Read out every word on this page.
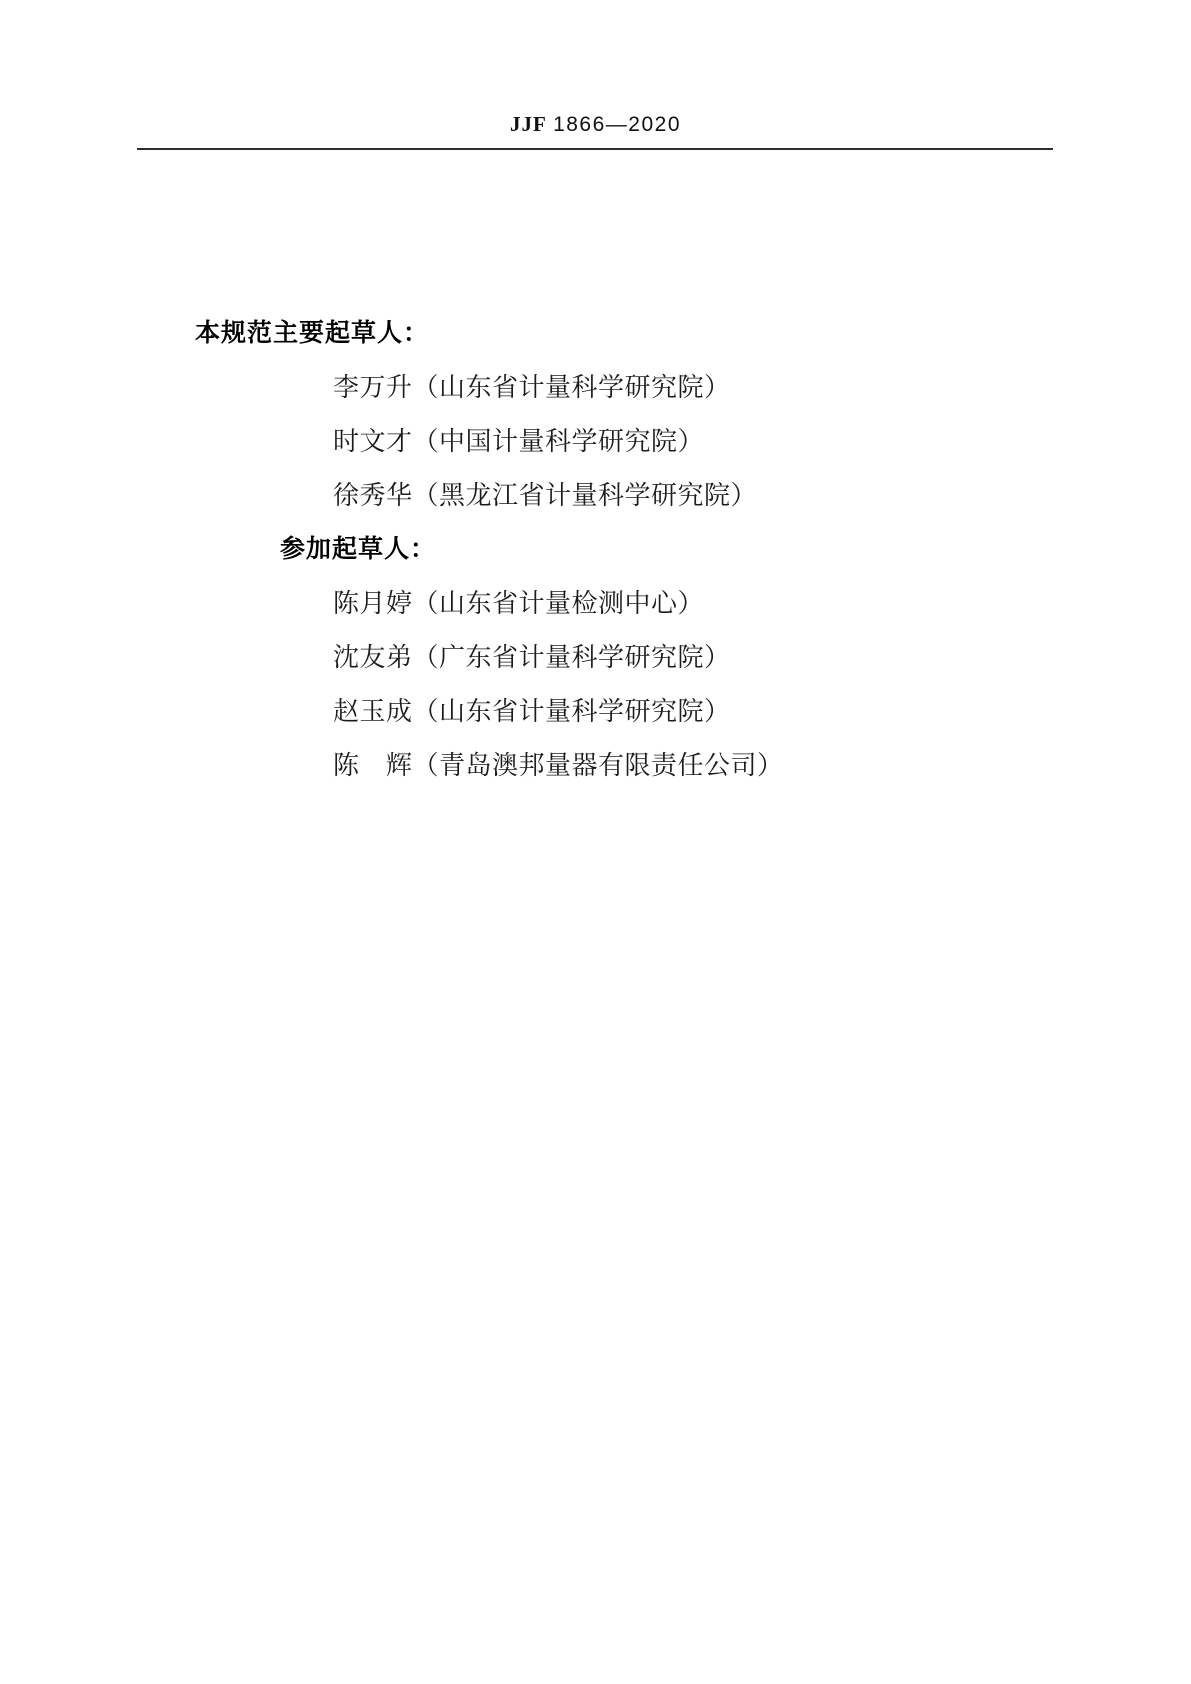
JJF 1866—2020
本规范主要起草人：
李万升（山东省计量科学研究院）
时文才（中国计量科学研究院）
徐秀华（黑龙江省计量科学研究院）
参加起草人：
陈月婷（山东省计量检测中心）
沈友弟（广东省计量科学研究院）
赵玉成（山东省计量科学研究院）
陈　辉（青岛澳邦量器有限责任公司）
